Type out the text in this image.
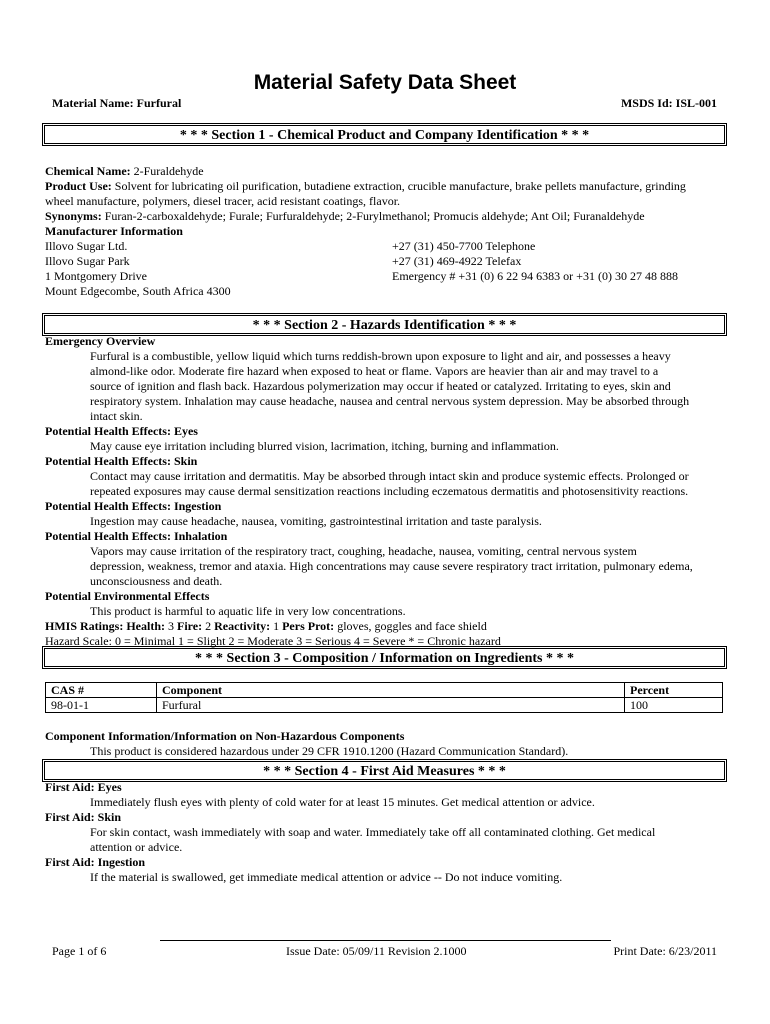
Material Safety Data Sheet
Material Name: Furfural	MSDS Id: ISL-001
* * * Section 1 - Chemical Product and Company Identification * * *
Chemical Name: 2-Furaldehyde
Product Use: Solvent for lubricating oil purification, butadiene extraction, crucible manufacture, brake pellets manufacture, grinding
wheel manufacture, polymers, diesel tracer, acid resistant coatings, flavor.
Synonyms: Furan-2-carboxaldehyde; Furale; Furfuraldehyde; 2-Furylmethanol; Promucis aldehyde; Ant Oil; Furanaldehyde
Manufacturer Information
Illovo Sugar Ltd.	+27 (31) 450-7700 Telephone
Illovo Sugar Park	+27 (31) 469-4922 Telefax
1 Montgomery Drive	Emergency # +31 (0) 6 22 94 6383 or +31 (0) 30 27 48 888
Mount Edgecombe, South Africa 4300
* * * Section 2 - Hazards Identification * * *
Emergency Overview
Furfural is a combustible, yellow liquid which turns reddish-brown upon exposure to light and air, and possesses a heavy
almond-like odor. Moderate fire hazard when exposed to heat or flame. Vapors are heavier than air and may travel to a
source of ignition and flash back. Hazardous polymerization may occur if heated or catalyzed. Irritating to eyes, skin and
respiratory system. Inhalation may cause headache, nausea and central nervous system depression. May be absorbed through
intact skin.
Potential Health Effects: Eyes
May cause eye irritation including blurred vision, lacrimation, itching, burning and inflammation.
Potential Health Effects: Skin
Contact may cause irritation and dermatitis. May be absorbed through intact skin and produce systemic effects. Prolonged or
repeated exposures may cause dermal sensitization reactions including eczematous dermatitis and photosensitivity reactions.
Potential Health Effects: Ingestion
Ingestion may cause headache, nausea, vomiting, gastrointestinal irritation and taste paralysis.
Potential Health Effects: Inhalation
Vapors may cause irritation of the respiratory tract, coughing, headache, nausea, vomiting, central nervous system
depression, weakness, tremor and ataxia. High concentrations may cause severe respiratory tract irritation, pulmonary edema,
unconsciousness and death.
Potential Environmental Effects
This product is harmful to aquatic life in very low concentrations.
HMIS Ratings: Health: 3 Fire: 2 Reactivity: 1 Pers Prot: gloves, goggles and face shield
Hazard Scale: 0 = Minimal 1 = Slight 2 = Moderate 3 = Serious 4 = Severe * = Chronic hazard
* * * Section 3 - Composition / Information on Ingredients * * *
CAS #	Component	Percent
98-01-1	Furfural	100
Component Information/Information on Non-Hazardous Components
This product is considered hazardous under 29 CFR 1910.1200 (Hazard Communication Standard).
* * * Section 4 - First Aid Measures * * *
First Aid: Eyes
Immediately flush eyes with plenty of cold water for at least 15 minutes. Get medical attention or advice.
First Aid: Skin
For skin contact, wash immediately with soap and water. Immediately take off all contaminated clothing. Get medical
attention or advice.
First Aid: Ingestion
If the material is swallowed, get immediate medical attention or advice -- Do not induce vomiting.
Page 1 of 6	Issue Date: 05/09/11 Revision 2.1000	Print Date: 6/23/2011
